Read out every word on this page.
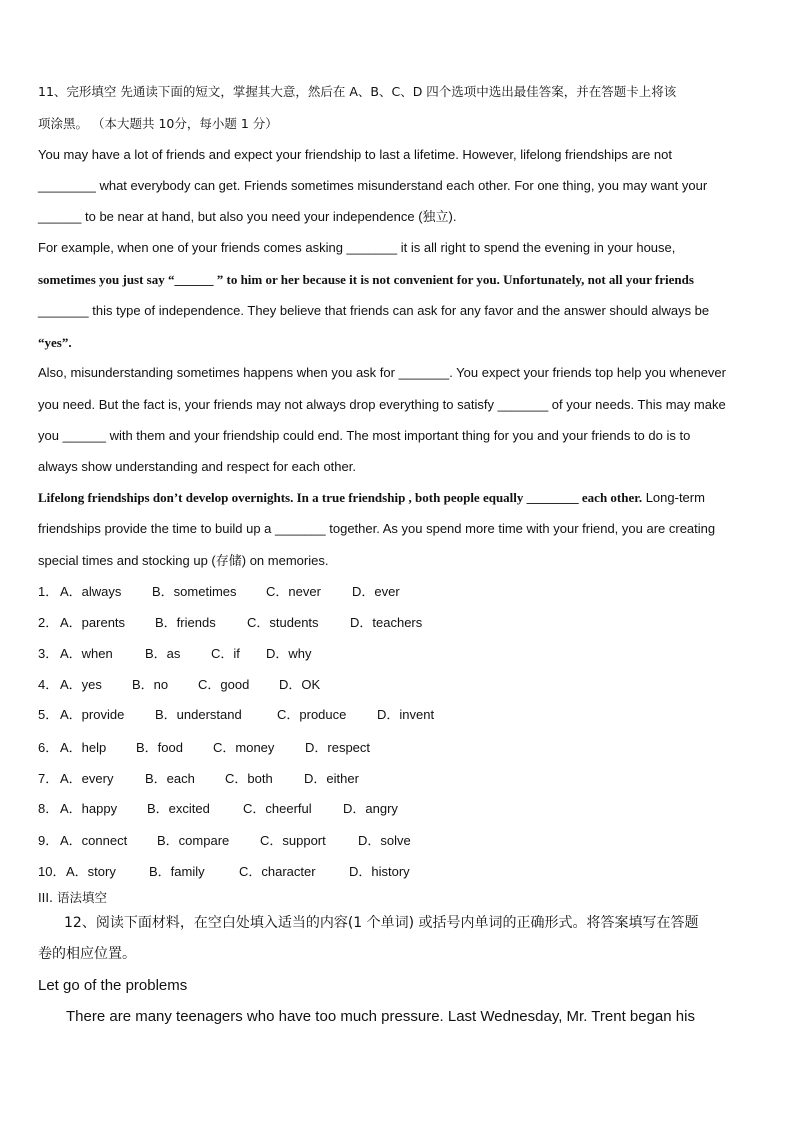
11、完形填空 先通读下面的短文，掌握其大意，然后在 A、B、C、D 四个选项中选出最佳答案，并在答题卡上将该
项涂黑。 （本大题共 10分，每小题 1 分）
You may have a lot of friends and expect your friendship to last a lifetime. However, lifelong friendships are not
________ what everybody can get. Friends sometimes misunderstand each other. For one thing, you may want your
______ to be near at hand, but also you need your independence (独立).
For example, when one of your friends comes asking _______ it is all right to spend the evening in your house,
sometimes you just say “______ ” to him or her because it is not convenient for you. Unfortunately, not all your friends
_______ this type of independence. They believe that friends can ask for any favor and the answer should always be
“yes”.
Also, misunderstanding sometimes happens when you ask for _______. You expect your friends top help you whenever
you need. But the fact is, your friends may not always drop everything to satisfy _______ of your needs. This may make
you ______ with them and your friendship could end. The most important thing for you and your friends to do is to
always show understanding and respect for each other.
Lifelong friendships don’t develop overnights. In a true friendship , both people equally ________ each other. Long-term
friendships provide the time to build up a _______ together. As you spend more time with your friend, you are creating
special times and stocking up (存储) on memories.
1． A．always B．sometimes C．never D．ever
2． A．parents B．friends C．students D．teachers
3． A．when B．as C．if D．why
4． A．yes B．no C．good D．OK
5． A．provide B．understand	C．produce D．invent
6． A．help B．food C．money D．respect
7． A．every B．each C．both D．either
8． A．happy B．excited	C．cheerful D．angry
9． A．connect B．compare C．support D．solve
10．A．story	B．family	C．character	D．history
III. 语法填空
12、阅读下面材料，在空白处填入适当的内容(1 个单词) 或括号内单词的正确形式。将答案填写在答题
卷的相应位置。
Let go of the problems
There are many teenagers who have too much pressure. Last Wednesday, Mr. Trent began his
